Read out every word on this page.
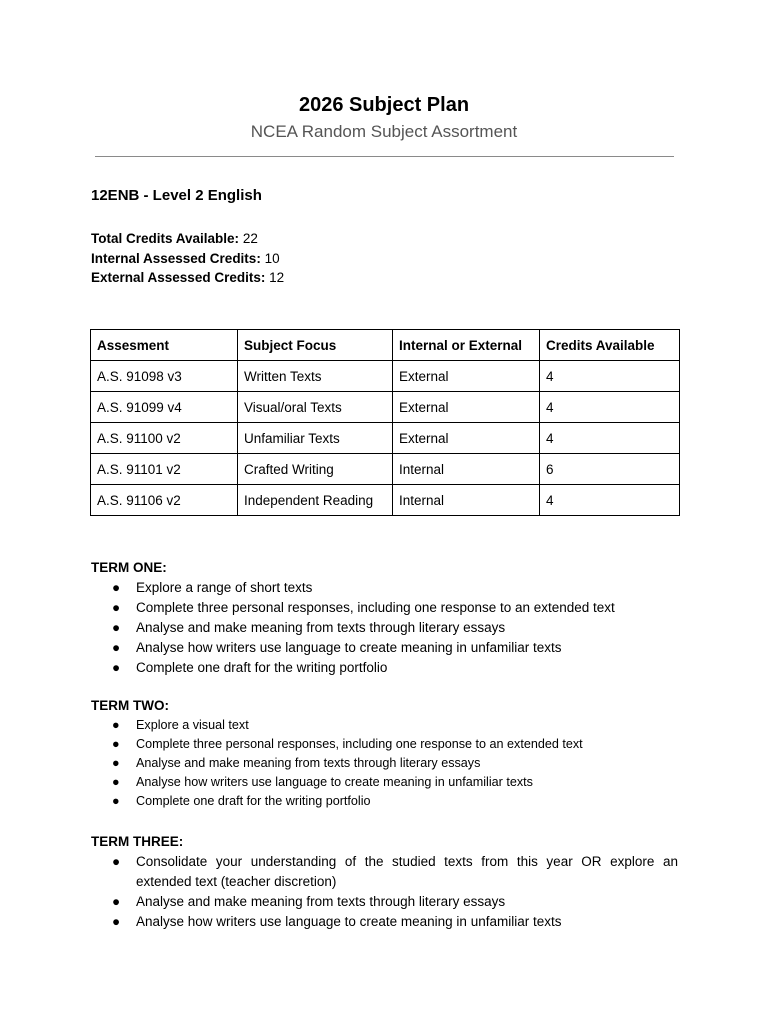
2026 Subject Plan
NCEA Random Subject Assortment
12ENB - Level 2 English
Total Credits Available: 22
Internal Assessed Credits: 10
External Assessed Credits: 12
Assesment	Subject Focus	Internal or External	Credits Available
A.S. 91098 v3	Written Texts	External	4
A.S. 91099 v4	Visual/oral Texts	External	4
A.S. 91100 v2	Unfamiliar Texts	External	4
A.S. 91101 v2	Crafted Writing	Internal	6
A.S. 91106 v2	Independent Reading	Internal	4
TERM ONE:
● Explore a range of short texts
● Complete three personal responses, including one response to an extended text
● Analyse and make meaning from texts through literary essays
● Analyse how writers use language to create meaning in unfamiliar texts
● Complete one draft for the writing portfolio
TERM TWO:
● Explore a visual text
● Complete three personal responses, including one response to an extended text
● Analyse and make meaning from texts through literary essays
● Analyse how writers use language to create meaning in unfamiliar texts
● Complete one draft for the writing portfolio
TERM THREE:
● Consolidate your understanding of the studied texts from this year OR explore an extended text (teacher discretion)
● Analyse and make meaning from texts through literary essays
● Analyse how writers use language to create meaning in unfamiliar texts
